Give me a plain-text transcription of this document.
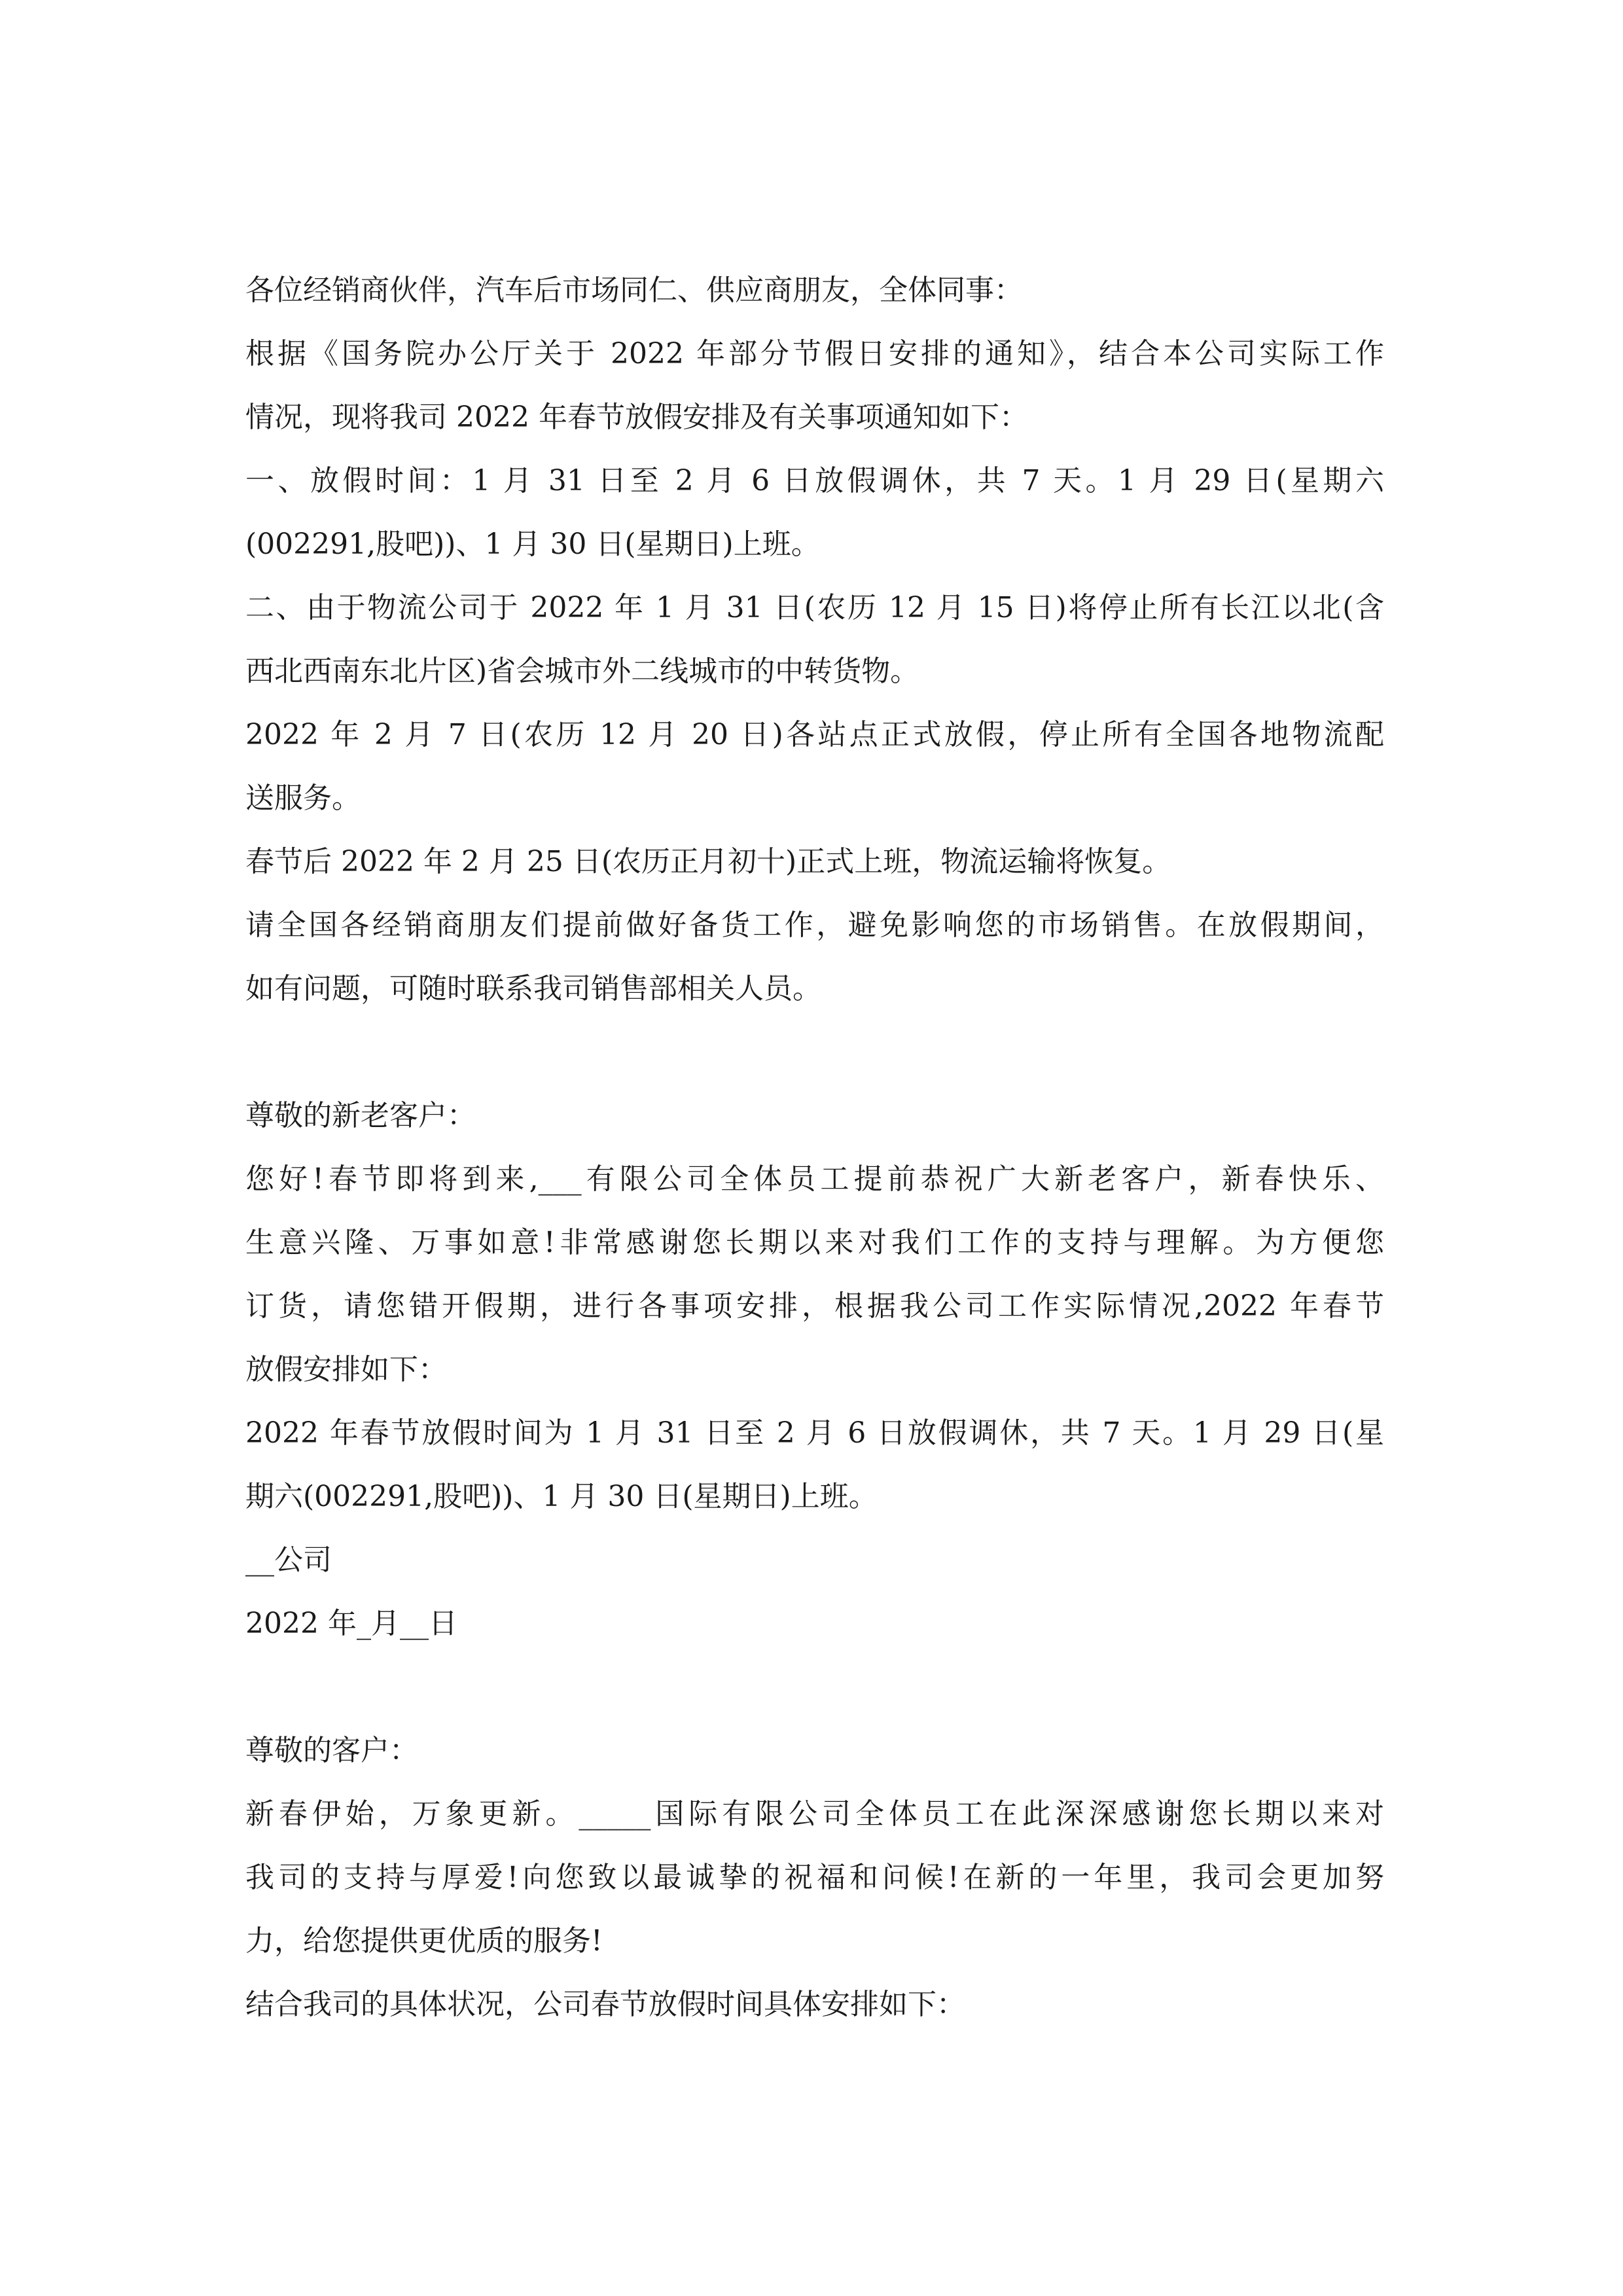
各位经销商伙伴，汽车后市场同仁、供应商朋友，全体同事：
根据《国务院办公厅关于 2022 年部分节假日安排的通知》，结合本公司实际工作
情况，现将我司 2022 年春节放假安排及有关事项通知如下：
一、放假时间：1 月 31 日至 2 月 6 日放假调休，共 7 天。1 月 29 日(星期六
(002291,股吧))、1 月 30 日(星期日)上班。
二、由于物流公司于 2022 年 1 月 31 日(农历 12 月 15 日)将停止所有长江以北(含
西北西南东北片区)省会城市外二线城市的中转货物。
2022 年 2 月 7 日(农历 12 月 20 日)各站点正式放假，停止所有全国各地物流配
送服务。
春节后 2022 年 2 月 25 日(农历正月初十)正式上班，物流运输将恢复。
请全国各经销商朋友们提前做好备货工作，避免影响您的市场销售。在放假期间，
如有问题，可随时联系我司销售部相关人员。
尊敬的新老客户：
您好!春节即将到来,___有限公司全体员工提前恭祝广大新老客户，新春快乐、
生意兴隆、万事如意!非常感谢您长期以来对我们工作的支持与理解。为方便您
订货，请您错开假期，进行各事项安排，根据我公司工作实际情况,2022 年春节
放假安排如下：
2022 年春节放假时间为 1 月 31 日至 2 月 6 日放假调休，共 7 天。1 月 29 日(星
期六(002291,股吧))、1 月 30 日(星期日)上班。
__公司
2022 年_月__日
尊敬的客户：
新春伊始，万象更新。_____国际有限公司全体员工在此深深感谢您长期以来对
我司的支持与厚爱!向您致以最诚挚的祝福和问候!在新的一年里，我司会更加努
力，给您提供更优质的服务!
结合我司的具体状况，公司春节放假时间具体安排如下：
